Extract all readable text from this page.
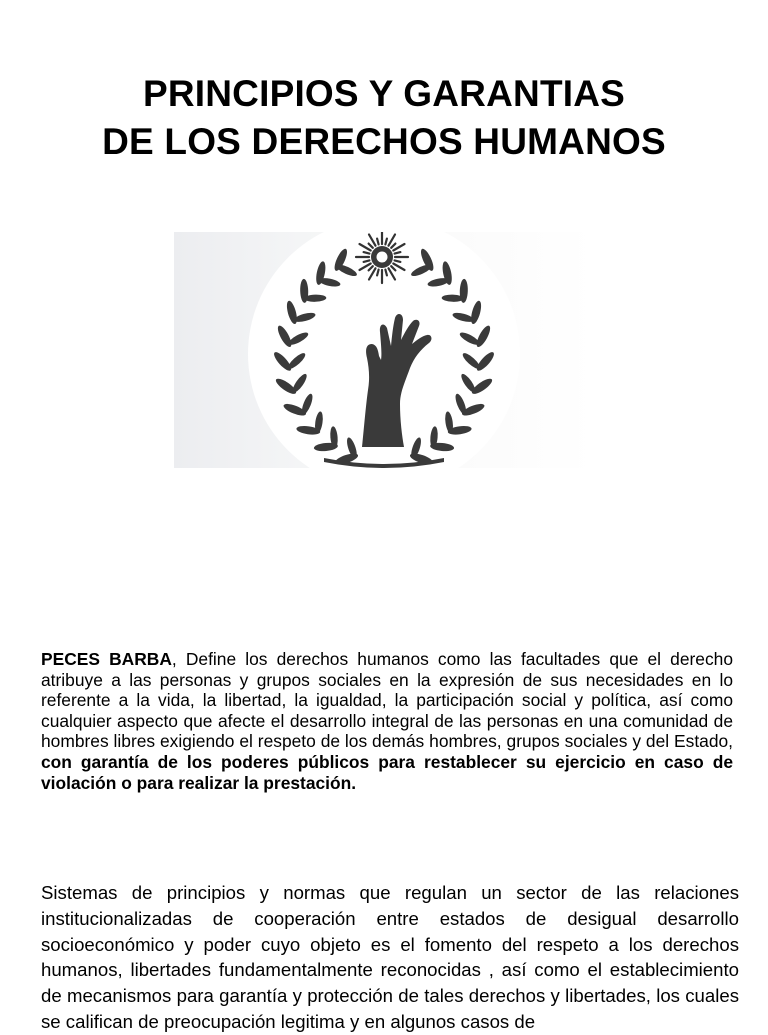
PRINCIPIOS Y GARANTIAS
DE LOS DERECHOS HUMANOS
PECES BARBA, Define los derechos humanos como las facultades que el derecho atribuye a las personas y grupos sociales en la expresión de sus necesidades en lo referente a la vida, la libertad, la igualdad, la participación social y política, así como cualquier aspecto que afecte el desarrollo integral de las personas en una comunidad de hombres libres exigiendo el respeto de los demás hombres, grupos sociales y del Estado, con garantía de los poderes públicos para restablecer su ejercicio en caso de violación o para realizar la prestación.
Sistemas de principios y normas que regulan un sector de las relaciones institucionalizadas de cooperación entre estados de desigual desarrollo socioeconómico y poder cuyo objeto es el fomento del respeto a los derechos humanos, libertades fundamentalmente reconocidas , así como el establecimiento de mecanismos para garantía y protección de tales derechos y libertades, los cuales se califican de preocupación legitima y en algunos casos de
